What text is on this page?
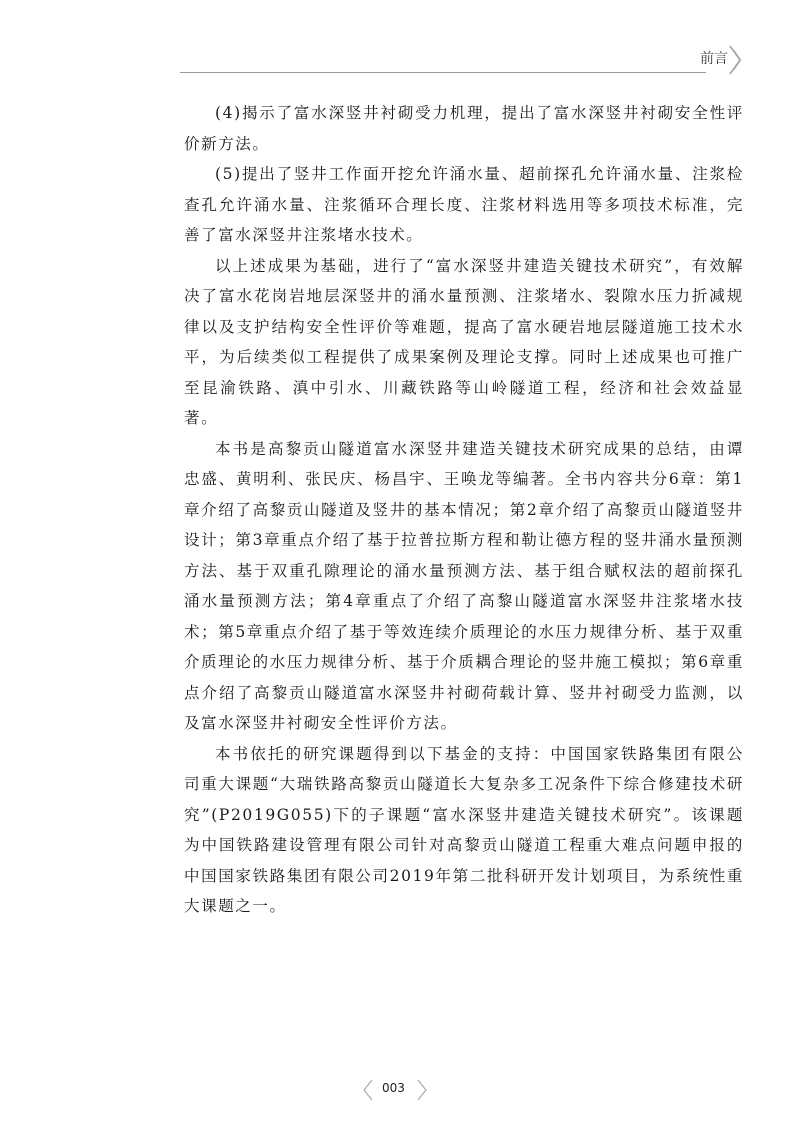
前言

(4)揭示了富水深竖井衬砌受力机理，提出了富水深竖井衬砌安全性评价新方法。

(5)提出了竖井工作面开挖允许涌水量、超前探孔允许涌水量、注浆检查孔允许涌水量、注浆循环合理长度、注浆材料选用等多项技术标准，完善了富水深竖井注浆堵水技术。

以上述成果为基础，进行了“富水深竖井建造关键技术研究”，有效解决了富水花岗岩地层深竖井的涌水量预测、注浆堵水、裂隙水压力折减规律以及支护结构安全性评价等难题，提高了富水硬岩地层隧道施工技术水平，为后续类似工程提供了成果案例及理论支撑。同时上述成果也可推广至昆渝铁路、滇中引水、川藏铁路等山岭隧道工程，经济和社会效益显著。

本书是高黎贡山隧道富水深竖井建造关键技术研究成果的总结，由谭忠盛、黄明利、张民庆、杨昌宇、王唤龙等编著。全书内容共分6章：第1章介绍了高黎贡山隧道及竖井的基本情况；第2章介绍了高黎贡山隧道竖井设计；第3章重点介绍了基于拉普拉斯方程和勒让德方程的竖井涌水量预测方法、基于双重孔隙理论的涌水量预测方法、基于组合赋权法的超前探孔涌水量预测方法；第4章重点了介绍了高黎山隧道富水深竖井注浆堵水技术；第5章重点介绍了基于等效连续介质理论的水压力规律分析、基于双重介质理论的水压力规律分析、基于介质耦合理论的竖井施工模拟；第6章重点介绍了高黎贡山隧道富水深竖井衬砌荷载计算、竖井衬砌受力监测，以及富水深竖井衬砌安全性评价方法。

本书依托的研究课题得到以下基金的支持：中国国家铁路集团有限公司重大课题“大瑞铁路高黎贡山隧道长大复杂多工况条件下综合修建技术研究”(P2019G055)下的子课题“富水深竖井建造关键技术研究”。该课题为中国铁路建设管理有限公司针对高黎贡山隧道工程重大难点问题申报的中国国家铁路集团有限公司2019年第二批科研开发计划项目，为系统性重大课题之一。

003
